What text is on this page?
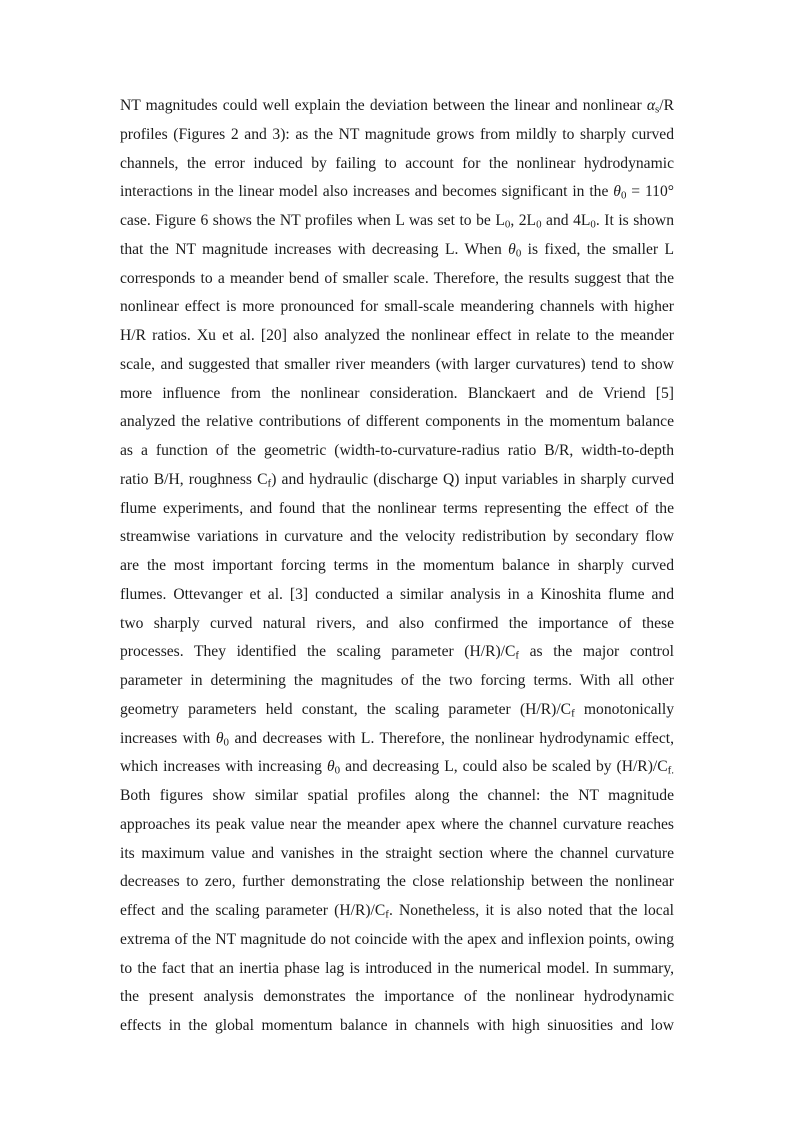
NT magnitudes could well explain the deviation between the linear and nonlinear $\alpha_s/R$
profiles (Figures 2 and 3): as the NT magnitude grows from mildly to sharply curved
channels, the error induced by failing to account for the nonlinear hydrodynamic
interactions in the linear model also increases and becomes significant in the $\theta_0 = 110^\circ$
case. Figure 6 shows the NT profiles when L was set to be $L_0$, $2L_0$ and $4L_0$. It is shown
that the NT magnitude increases with decreasing L. When $\theta_0$ is fixed, the smaller L
corresponds to a meander bend of smaller scale. Therefore, the results suggest that the
nonlinear effect is more pronounced for small-scale meandering channels with higher
H/R ratios. Xu et al. [20] also analyzed the nonlinear effect in relate to the meander
scale, and suggested that smaller river meanders (with larger curvatures) tend to show
more influence from the nonlinear consideration. Blanckaert and de Vriend [5]
analyzed the relative contributions of different components in the momentum balance
as a function of the geometric (width-to-curvature-radius ratio B/R, width-to-depth
ratio B/H, roughness $C_f$) and hydraulic (discharge Q) input variables in sharply curved
flume experiments, and found that the nonlinear terms representing the effect of the
streamwise variations in curvature and the velocity redistribution by secondary flow
are the most important forcing terms in the momentum balance in sharply curved
flumes. Ottevanger et al. [3] conducted a similar analysis in a Kinoshita flume and
two sharply curved natural rivers, and also confirmed the importance of these
processes. They identified the scaling parameter $(H/R)/C_f$ as the major control
parameter in determining the magnitudes of the two forcing terms. With all other
geometry parameters held constant, the scaling parameter $(H/R)/C_f$ monotonically
increases with $\theta_0$ and decreases with L. Therefore, the nonlinear hydrodynamic effect,
which increases with increasing $\theta_0$ and decreasing L, could also be scaled by $(H/R)/C_{f.}$
Both figures show similar spatial profiles along the channel: the NT magnitude
approaches its peak value near the meander apex where the channel curvature reaches
its maximum value and vanishes in the straight section where the channel curvature
decreases to zero, further demonstrating the close relationship between the nonlinear
effect and the scaling parameter $(H/R)/C_f$. Nonetheless, it is also noted that the local
extrema of the NT magnitude do not coincide with the apex and inflexion points, owing
to the fact that an inertia phase lag is introduced in the numerical model. In summary,
the present analysis demonstrates the importance of the nonlinear hydrodynamic
effects in the global momentum balance in channels with high sinuosities and low
